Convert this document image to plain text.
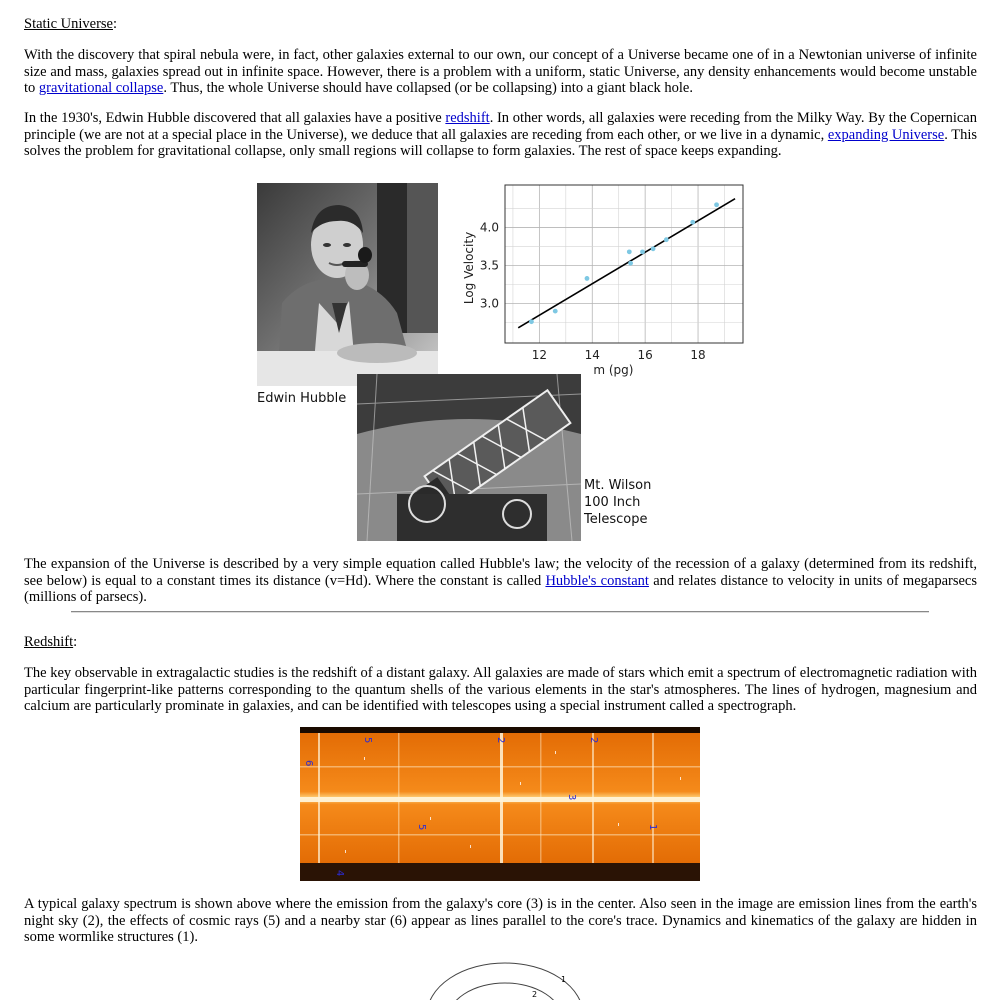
Static Universe:

With the discovery that spiral nebula were, in fact, other galaxies external to our own, our concept of a Universe became one of in a Newtonian universe of infinite size and mass, galaxies spread out in infinite space. However, there is a problem with a uniform, static Universe, any density enhancements would become unstable to gravitational collapse. Thus, the whole Universe should have collapsed (or be collapsing) into a giant black hole.

In the 1930's, Edwin Hubble discovered that all galaxies have a positive redshift. In other words, all galaxies were receding from the Milky Way. By the Copernican principle (we are not at a special place in the Universe), we deduce that all galaxies are receding from each other, or we live in a dynamic, expanding Universe. This solves the problem for gravitational collapse, only small regions will collapse to form galaxies. The rest of space keeps expanding.

The expansion of the Universe is described by a very simple equation called Hubble's law; the velocity of the recession of a galaxy (determined from its redshift, see below) is equal to a constant times its distance (v=Hd). Where the constant is called Hubble's constant and relates distance to velocity in units of megaparsecs (millions of parsecs).

Redshift:

The key observable in extragalactic studies is the redshift of a distant galaxy. All galaxies are made of stars which emit a spectrum of electromagnetic radiation with particular fingerprint-like patterns corresponding to the quantum shells of the various elements in the star's atmospheres. The lines of hydrogen, magnesium and calcium are particularly prominate in galaxies, and can be identified with telescopes using a special instrument called a spectrograph.

A typical galaxy spectrum is shown above where the emission from the galaxy's core (3) is in the center. Also seen in the image are emission lines from the earth's night sky (2), the effects of cosmic rays (5) and a nearby star (6) appear as lines parallel to the core's trace. Dynamics and kinematics of the galaxy are hidden in some wormlike structures (1).

12	14	16	18
3.0
3.5
4.0
m (pg)
Log Velocity
Edwin Hubble
Mt. Wilson
100 Inch
Telescope
6
5	2	2
3
5	1
4
1
2
